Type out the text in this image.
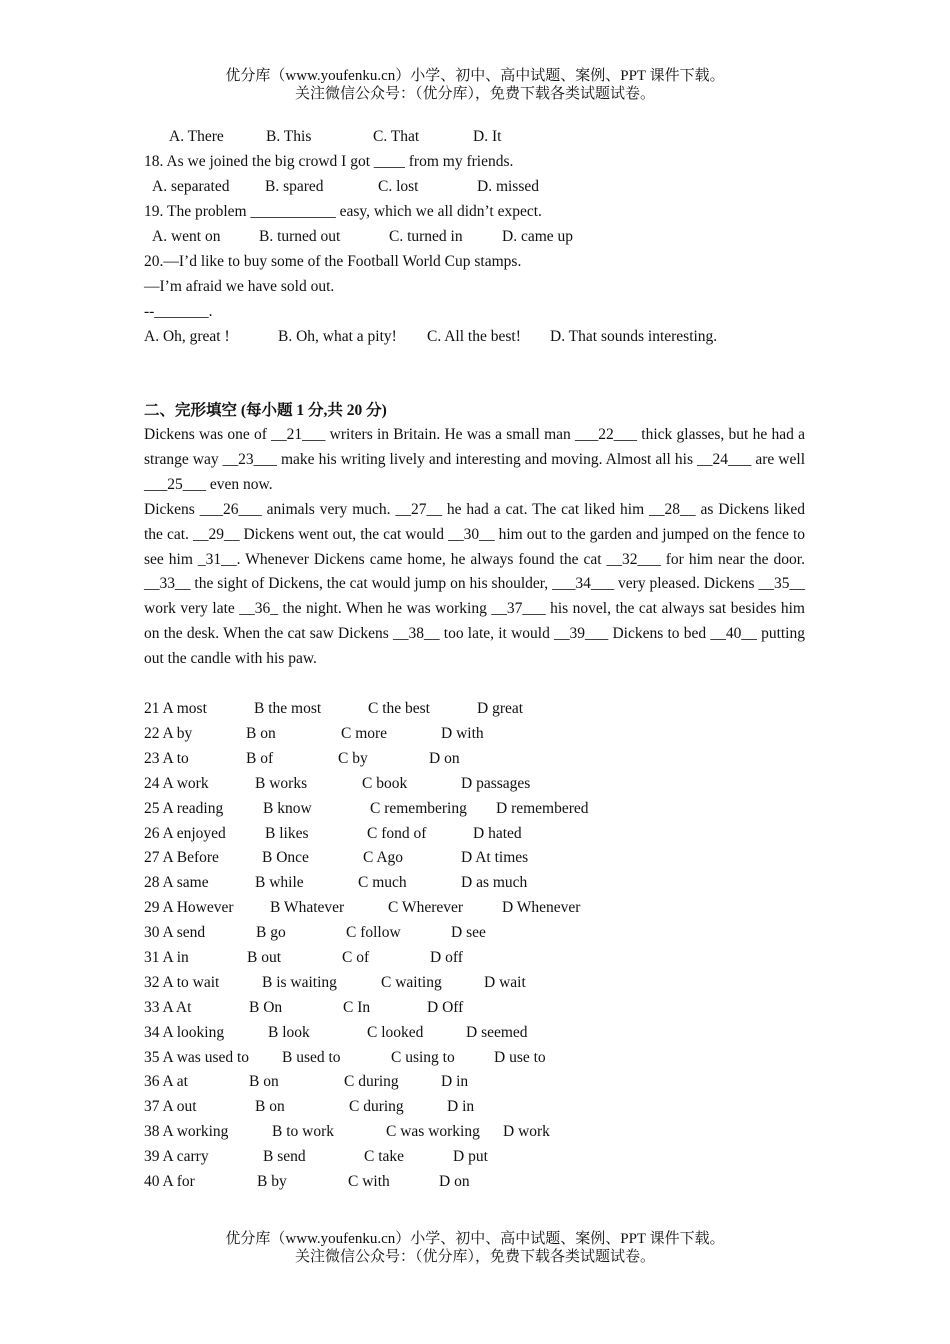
优分库（www.youfenku.cn）小学、初中、高中试题、案例、PPT 课件下载。
关注微信公众号：（优分库），免费下载各类试题试卷。
A. There	B. This	C. That	D. It
18. As we joined the big crowd I got ____ from my friends.
A. separated B. spared	C. lost	D. missed
19. The problem ___________ easy, which we all didn’t expect.
A. went on B. turned out	C. turned in	D. came up
20.—I’d like to buy some of the Football World Cup stamps.
—I’m afraid we have sold out.
--_______.
A. Oh, great !	B. Oh, what a pity! C. All the best! D. That sounds interesting.
二、完形填空 (每小题 1 分,共 20 分)
Dickens was one of __21___ writers in Britain. He was a small man ___22___ thick glasses, but he had a strange way __23___ make his writing lively and interesting and moving. Almost all his __24___ are well ___25___ even now.
Dickens ___26___ animals very much. __27__ he had a cat. The cat liked him __28__ as Dickens liked the cat. __29__ Dickens went out, the cat would __30__ him out to the garden and jumped on the fence to see him _31__. Whenever Dickens came home, he always found the cat __32___ for him near the door. __33__ the sight of Dickens, the cat would jump on his shoulder, ___34___ very pleased. Dickens __35__ work very late __36_ the night. When he was working __37___ his novel, the cat always sat besides him on the desk. When the cat saw Dickens __38__ too late, it would __39___ Dickens to bed __40__ putting out the candle with his paw.
21 A most	B the most	C the best	D great
22 A by	B on	C more	D with
23 A to	B of	C by	D on
24 A work	B works	C book	D passages
25 A reading	B know	C remembering D remembered
26 A enjoyed	B likes	C fond of	D hated
27 A Before	B Once	C Ago	D At times
28 A same	B while	C much	D as much
29 A However B Whatever	C Wherever	D Whenever
30 A send	B go	C follow	D see
31 A in	B out	C of	D off
32 A to wait	B is waiting	C waiting	D wait
33 A At	B On	C In	D Off
34 A looking	B look	C looked	D seemed
35 A was used to B used to	C using to	D use to
36 A at	B on	C during	D in
37 A out	B on	C during	D in
38 A working	B to work	C was working D work
39 A carry	B send	C take	D put
40 A for	B by	C with	D on
优分库（www.youfenku.cn）小学、初中、高中试题、案例、PPT 课件下载。
关注微信公众号：（优分库），免费下载各类试题试卷。
